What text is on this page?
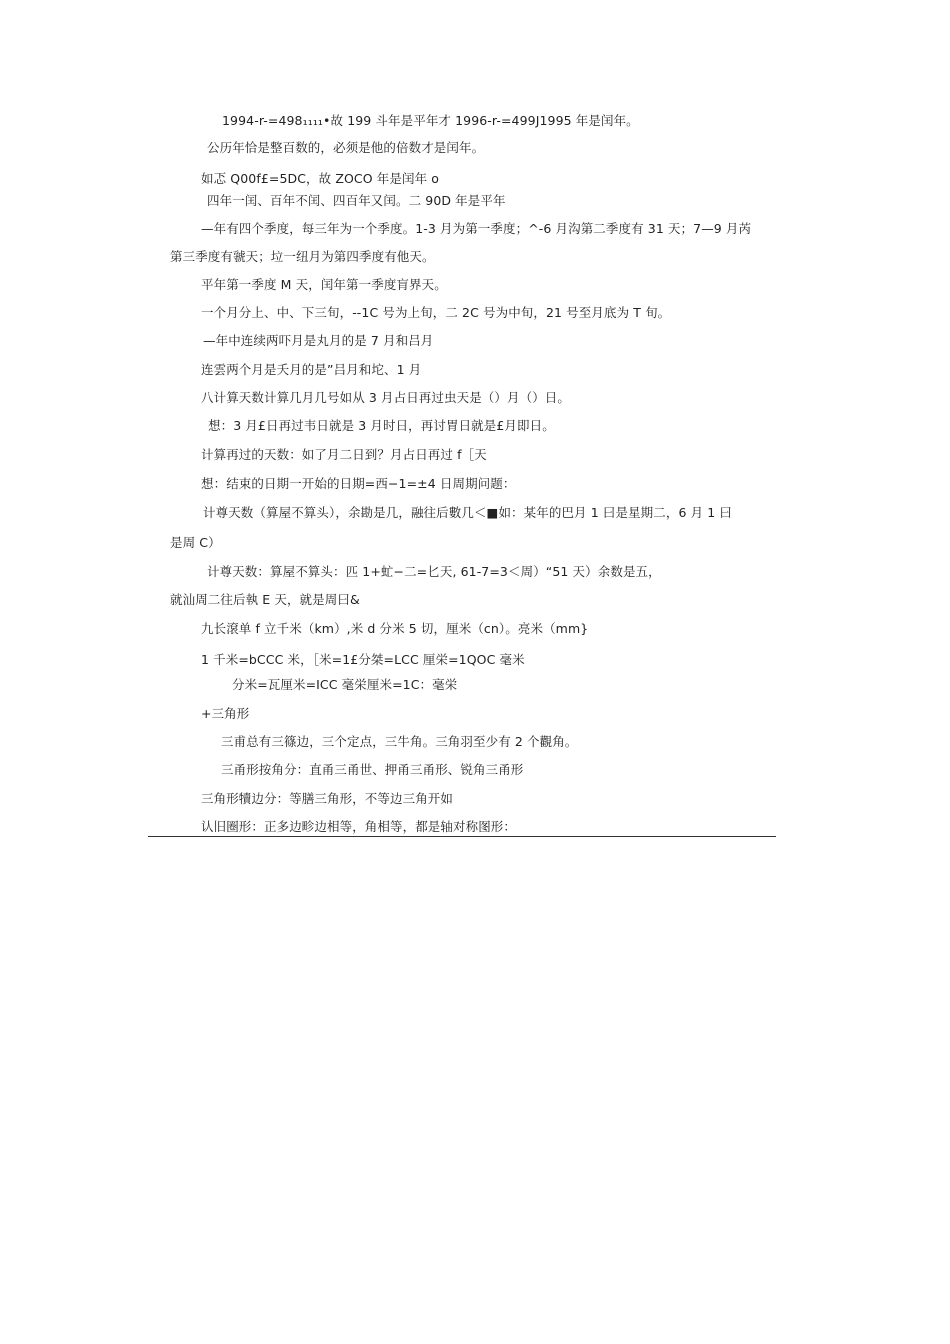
1994-r-=498₁₁₁₁•故 199 斗年是平年才 1996-r-=499J1995 年是闰年。
公历年恰是整百数的，必须是他的倍数才是闰年。
如忑 Q00f£=5DC，故 ZOCO 年是闰年 o
四年一闰、百年不闰、四百年又闰。二 90D 年是平年
—年有四个季度，每三年为一个季度。1-3 月为第一季度；^-6 月沟第二季度有 31 天；7—9 月芮
第三季度有虢天；垃一纽月为第四季度有他天。
平年第一季度 M 天，闰年第一季度肓界天。
一个月分上、中、下三旬，--1C 号为上旬，二 2C 号为中旬，21 号至月底为 T 旬。
—年中连续两吓月是丸月的是 7 月和吕月
连雲两个月是夭月的是”吕月和坨、1 月
八计算天数计算几月几号如从 3 月占日再过虫天是（）月（）日。
想：3 月£日再过韦日就是 3 月时日，再讨胃日就是£月即日。
计算再过的天数：如了月二日到？月占日再过 f［天
想：结束的日期一开始的日期=西−1=±4 日周期问题：
计尊天数（算屋不算头），余勘是几，融往后數几＜■如：某年的巴月 1 曰是星期二，6 月 1 曰
是周 C）
计尊天数：算屋不算头：匹 1+虻−二=匕天, 61-7=3＜周）“51 天）余数是五，
就汕周二往后執 E 天，就是周曰&
九长滾单 f 立千米（km）,米 d 分米 5 切，厘米（cn）。亮米（mm}
1 千米=bCCC 米，［米=1£分桀=LCC 厘栄=1QOC 毫米
分米=瓦厘米=ICC 毫栄厘米=1C：毫栄
+三角形
三甫总有三篠边，三个定点，三牛角。三角羽至少有 2 个觀角。
三甬形按角分：直甬三甬世、押甬三甬形、锐角三甬形
三角形犢边分：等膳三角形，不等边三角开如
认旧圈形：正多边畛边相等，角相等，都是轴对称图形：
